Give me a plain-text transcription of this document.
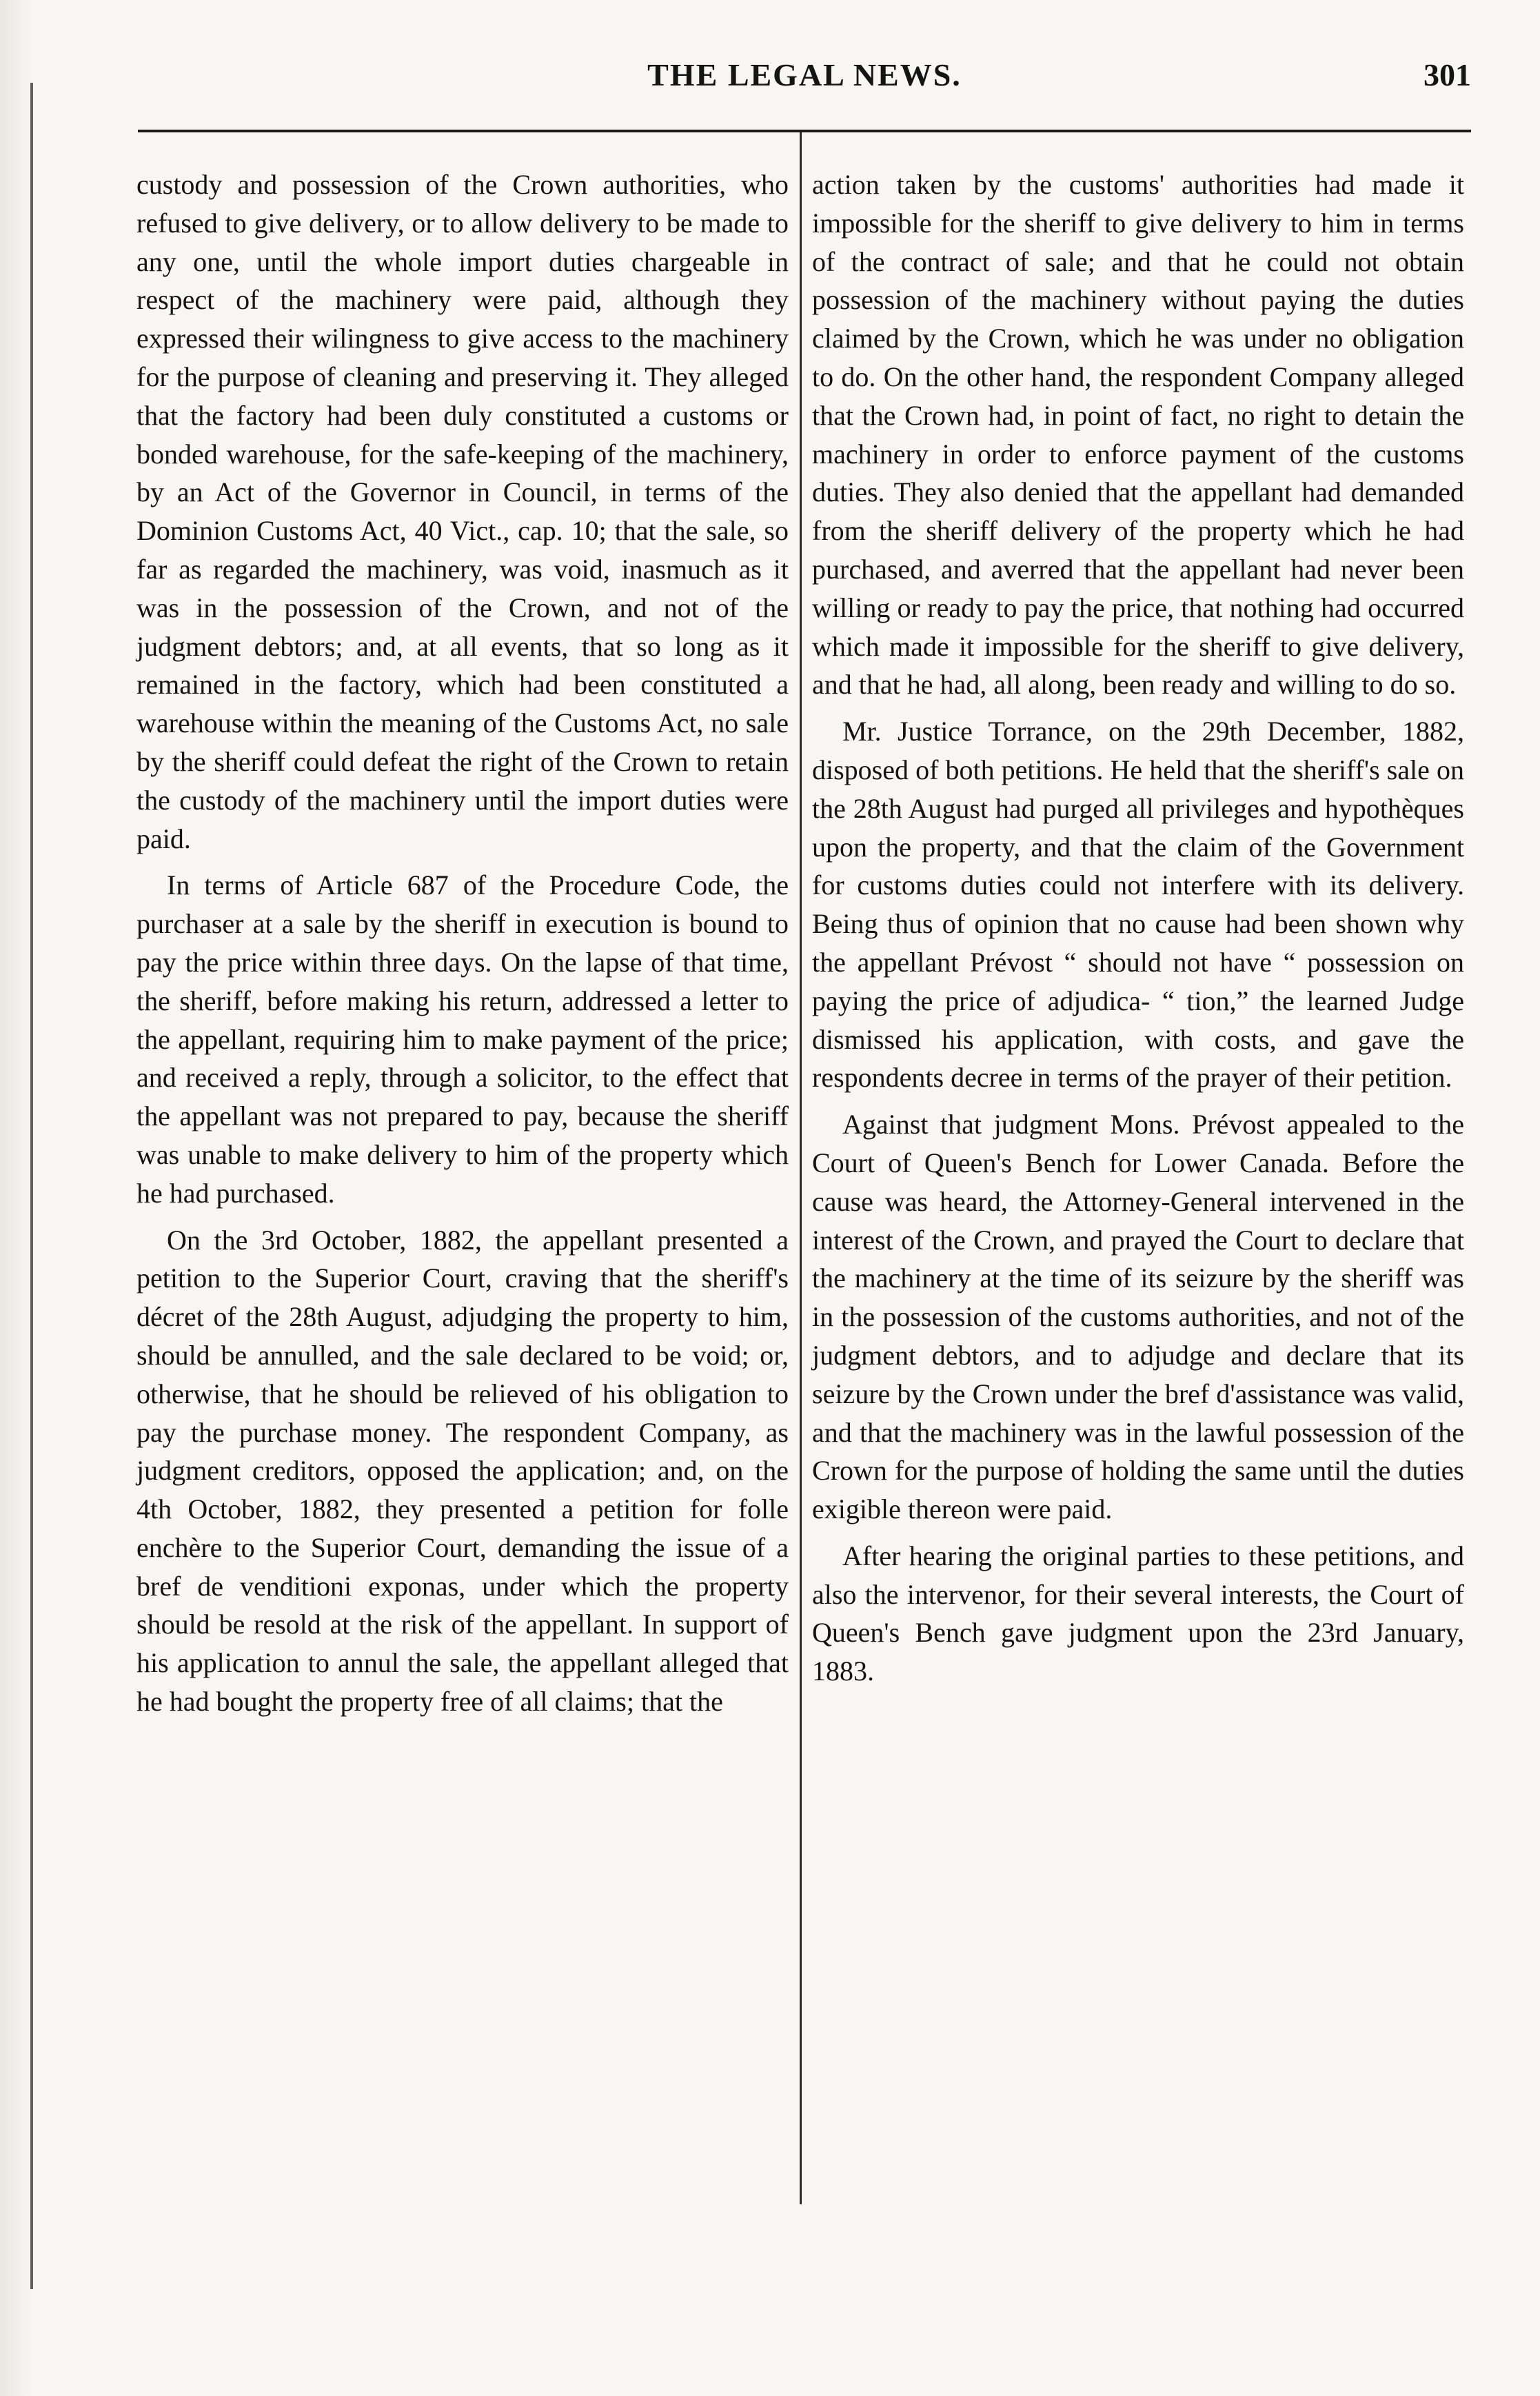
THE LEGAL NEWS.	301

custody and possession of the Crown authorities, who refused to give delivery, or to allow delivery to be made to any one, until the whole import duties chargeable in respect of the machinery were paid, although they expressed their wilingness to give access to the machinery for the purpose of cleaning and preserving it. They alleged that the factory had been duly constituted a customs or bonded warehouse, for the safe-keeping of the machinery, by an Act of the Governor in Council, in terms of the Dominion Customs Act, 40 Vict., cap. 10; that the sale, so far as regarded the machinery, was void, inasmuch as it was in the possession of the Crown, and not of the judgment debtors; and, at all events, that so long as it remained in the factory, which had been constituted a warehouse within the meaning of the Customs Act, no sale by the sheriff could defeat the right of the Crown to retain the custody of the machinery until the import duties were paid.

In terms of Article 687 of the Procedure Code, the purchaser at a sale by the sheriff in execution is bound to pay the price within three days. On the lapse of that time, the sheriff, before making his return, addressed a letter to the appellant, requiring him to make payment of the price; and received a reply, through a solicitor, to the effect that the appellant was not prepared to pay, because the sheriff was unable to make delivery to him of the property which he had purchased.

On the 3rd October, 1882, the appellant presented a petition to the Superior Court, craving that the sheriff's décret of the 28th August, adjudging the property to him, should be annulled, and the sale declared to be void; or, otherwise, that he should be relieved of his obligation to pay the purchase money. The respondent Company, as judgment creditors, opposed the application; and, on the 4th October, 1882, they presented a petition for folle enchère to the Superior Court, demanding the issue of a bref de venditioni exponas, under which the property should be resold at the risk of the appellant. In support of his application to annul the sale, the appellant alleged that he had bought the property free of all claims; that the

action taken by the customs' authorities had made it impossible for the sheriff to give delivery to him in terms of the contract of sale; and that he could not obtain possession of the machinery without paying the duties claimed by the Crown, which he was under no obligation to do. On the other hand, the respondent Company alleged that the Crown had, in point of fact, no right to detain the machinery in order to enforce payment of the customs duties. They also denied that the appellant had demanded from the sheriff delivery of the property which he had purchased, and averred that the appellant had never been willing or ready to pay the price, that nothing had occurred which made it impossible for the sheriff to give delivery, and that he had, all along, been ready and willing to do so.

Mr. Justice Torrance, on the 29th December, 1882, disposed of both petitions. He held that the sheriff's sale on the 28th August had purged all privileges and hypothèques upon the property, and that the claim of the Government for customs duties could not interfere with its delivery. Being thus of opinion that no cause had been shown why the appellant Prévost “ should not have “ possession on paying the price of adjudica- “ tion,” the learned Judge dismissed his application, with costs, and gave the respondents decree in terms of the prayer of their petition.

Against that judgment Mons. Prévost appealed to the Court of Queen's Bench for Lower Canada. Before the cause was heard, the Attorney-General intervened in the interest of the Crown, and prayed the Court to declare that the machinery at the time of its seizure by the sheriff was in the possession of the customs authorities, and not of the judgment debtors, and to adjudge and declare that its seizure by the Crown under the bref d'assistance was valid, and that the machinery was in the lawful possession of the Crown for the purpose of holding the same until the duties exigible thereon were paid.

After hearing the original parties to these petitions, and also the intervenor, for their several interests, the Court of Queen's Bench gave judgment upon the 23rd January, 1883.
